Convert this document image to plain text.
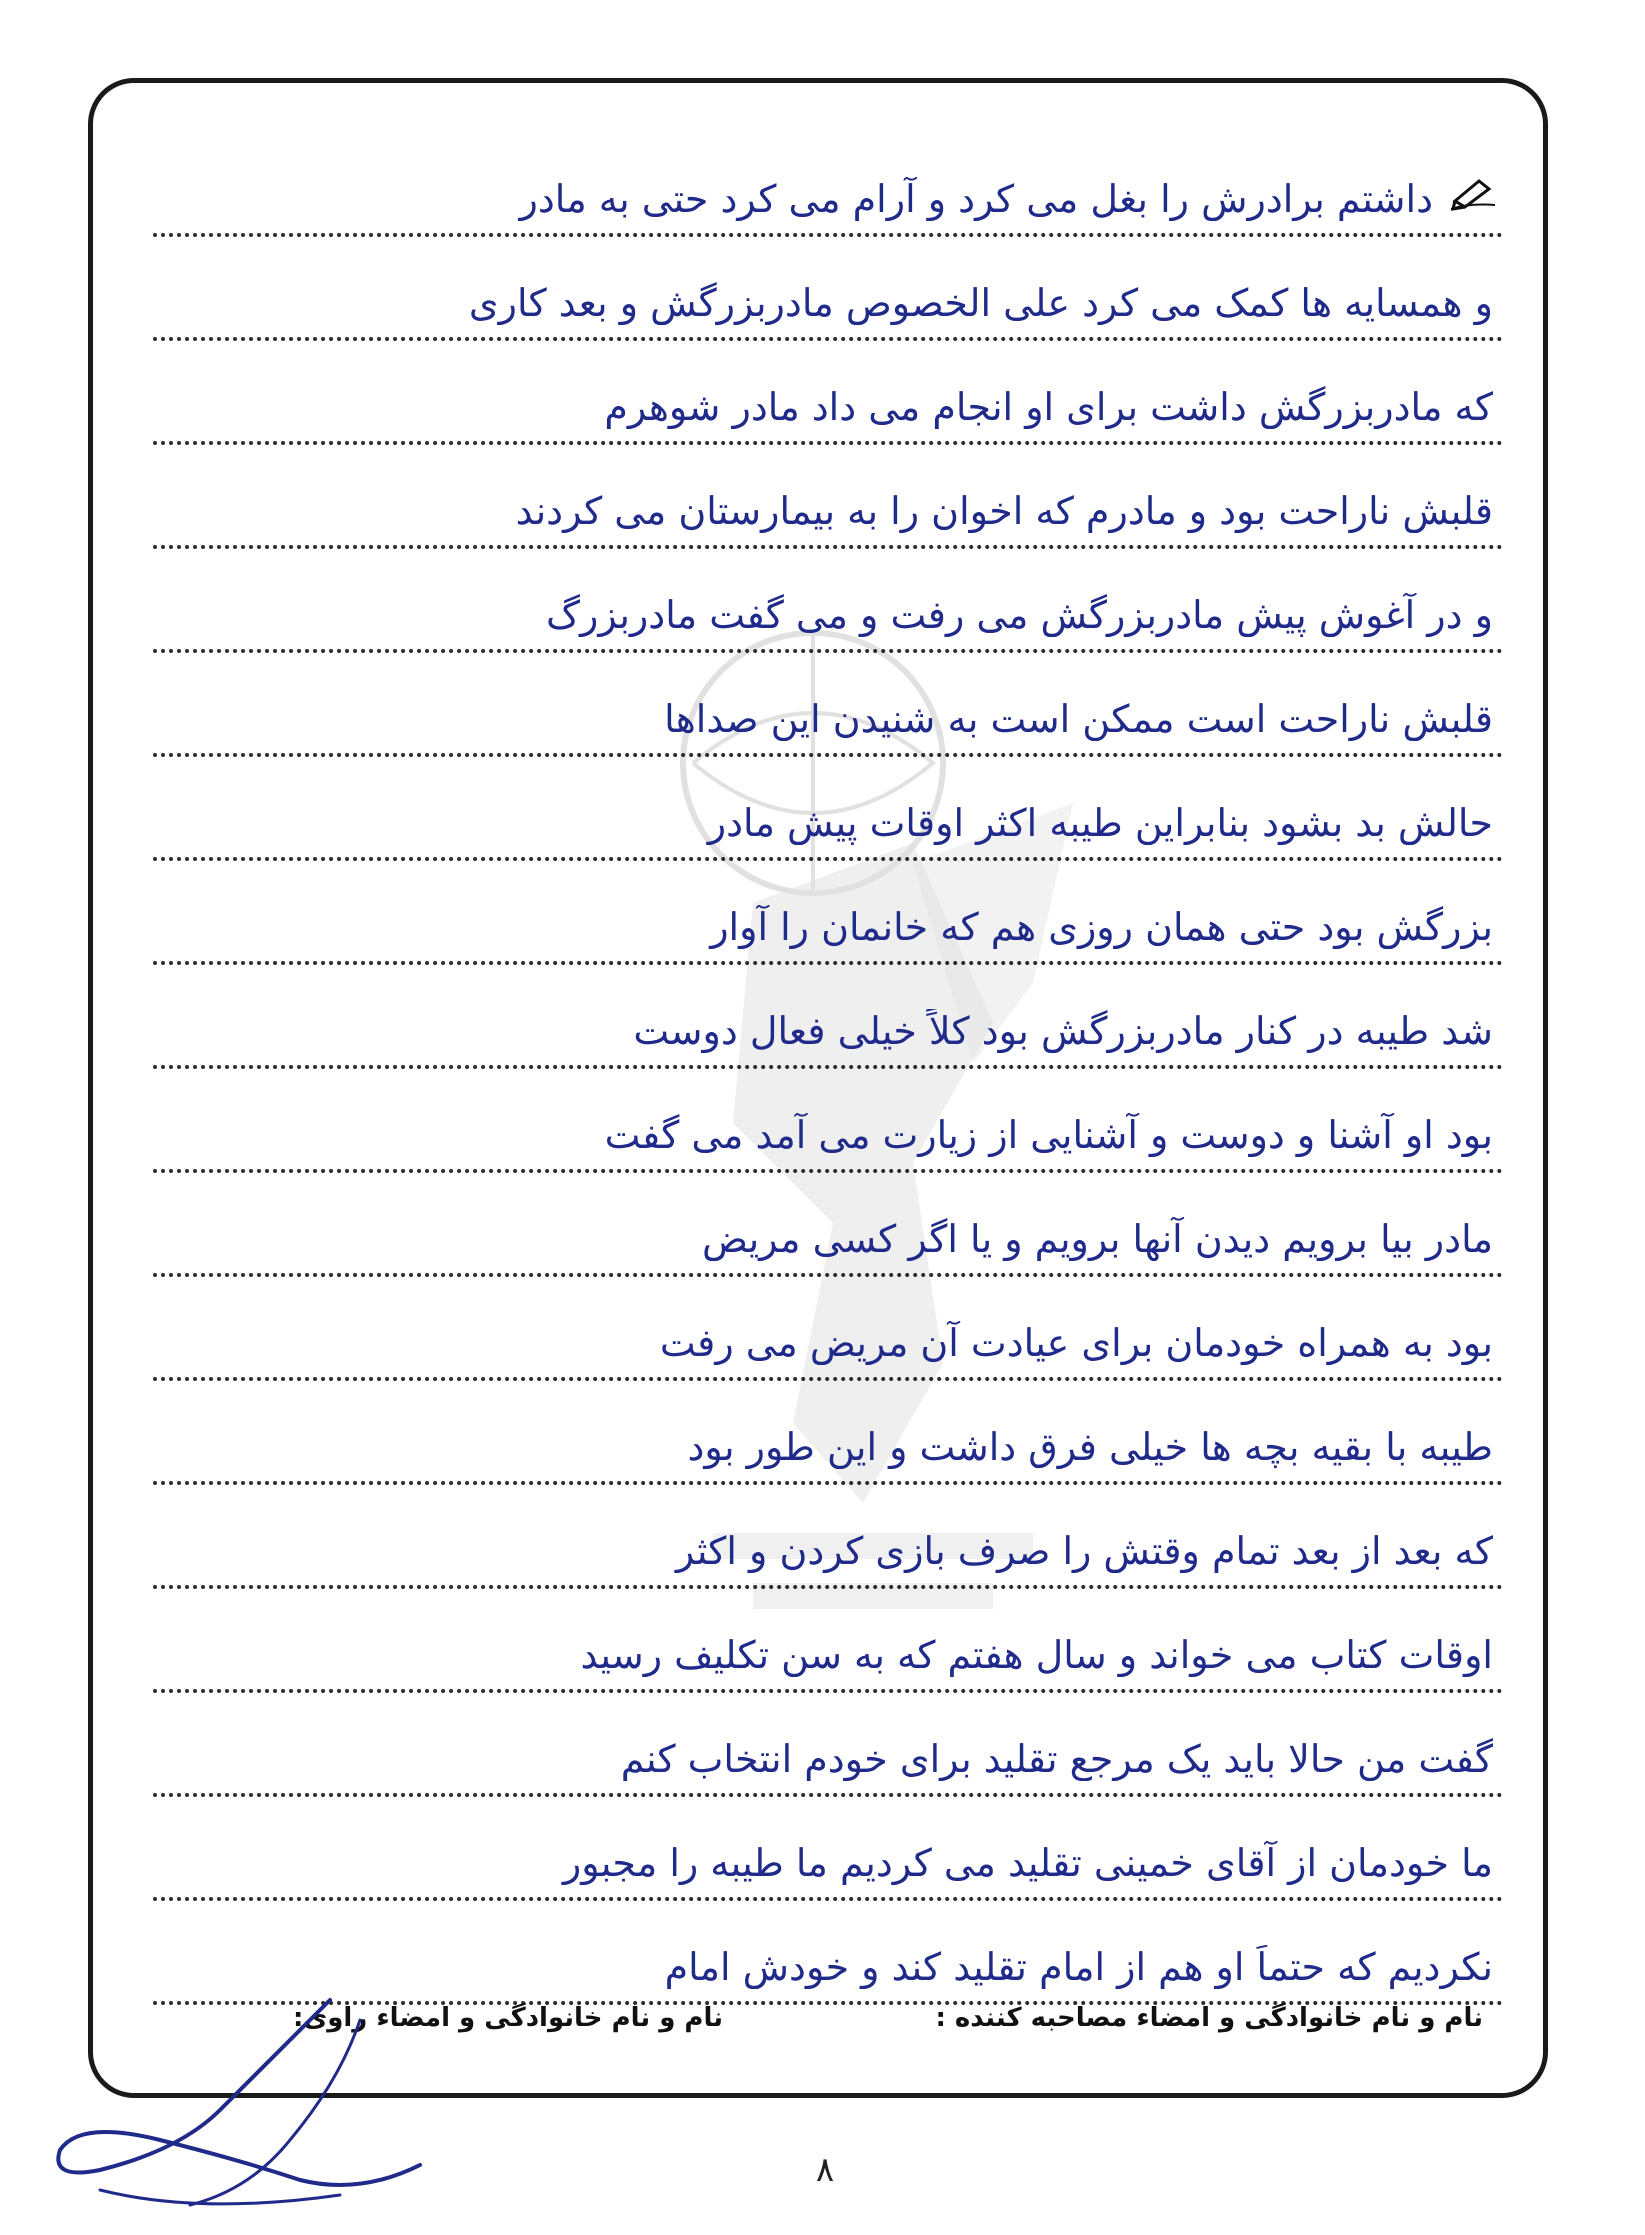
داشتم برادرش را بغل می کرد و آرام می کرد حتی به مادر
و همسایه ها کمک می کرد علی الخصوص مادربزرگش و بعد کاری
که مادربزرگش داشت برای او انجام می داد مادر شوهرم
قلبش ناراحت بود و مادرم که اخوان را به بیمارستان می کردند
و در آغوش پیش مادربزرگش می رفت و می گفت مادربزرگ
قلبش ناراحت است ممکن است به شنیدن این صداها
حالش بد بشود بنابراین طیبه اکثر اوقات پیش مادر
بزرگش بود حتی همان روزی هم که خانمان را آوار
شد طیبه در کنار مادربزرگش بود کلاً خیلی فعال دوست
بود او آشنا و دوست و آشنایی از زیارت می آمد می گفت
مادر بیا برویم دیدن آنها برویم و یا اگر کسی مریض
بود به همراه خودمان برای عیادت آن مریض می رفت
طیبه با بقیه بچه ها خیلی فرق داشت و این طور بود
که بعد از بعد تمام وقتش را صرف بازی کردن و اکثر
اوقات کتاب می خواند و سال هفتم که به سن تکلیف رسید
گفت من حالا باید یک مرجع تقلید برای خودم انتخاب کنم
ما خودمان از آقای خمینی تقلید می کردیم ما طیبه را مجبور
نکردیم که حتماً او هم از امام تقلید کند و خودش امام
نام و نام خانوادگی و امضاء مصاحبه کننده :
نام و نام خانوادگی و امضاء راوی:
۸
